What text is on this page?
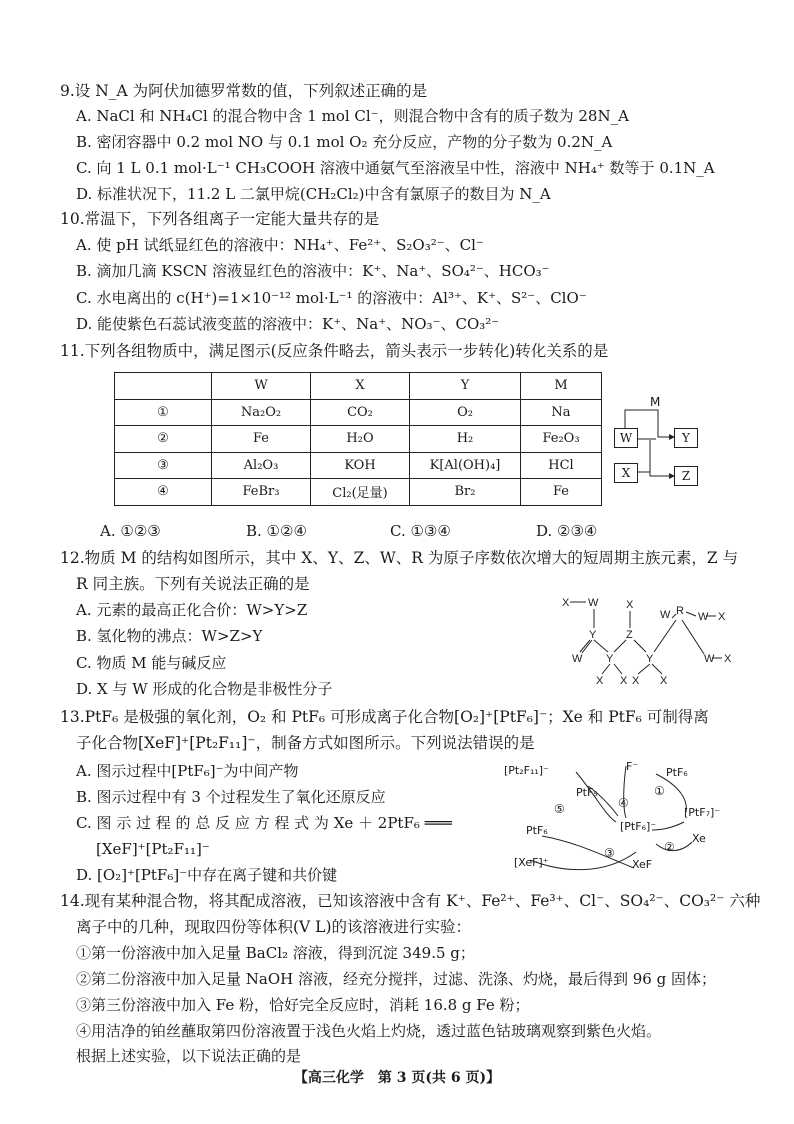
9.设 N_A 为阿伏加德罗常数的值，下列叙述正确的是
A. NaCl 和 NH₄Cl 的混合物中含 1 mol Cl⁻，则混合物中含有的质子数为 28N_A
B. 密闭容器中 0.2 mol NO 与 0.1 mol O₂ 充分反应，产物的分子数为 0.2N_A
C. 向 1 L 0.1 mol·L⁻¹ CH₃COOH 溶液中通氨气至溶液呈中性，溶液中 NH₄⁺ 数等于 0.1N_A
D. 标准状况下，11.2 L 二氯甲烷(CH₂Cl₂)中含有氯原子的数目为 N_A
10.常温下，下列各组离子一定能大量共存的是
A. 使 pH 试纸显红色的溶液中：NH₄⁺、Fe²⁺、S₂O₃²⁻、Cl⁻
B. 滴加几滴 KSCN 溶液显红色的溶液中：K⁺、Na⁺、SO₄²⁻、HCO₃⁻
C. 水电离出的 c(H⁺)=1×10⁻¹² mol·L⁻¹ 的溶液中：Al³⁺、K⁺、S²⁻、ClO⁻
D. 能使紫色石蕊试液变蓝的溶液中：K⁺、Na⁺、NO₃⁻、CO₃²⁻
11.下列各组物质中，满足图示(反应条件略去，箭头表示一步转化)转化关系的是
	W	X	Y	M
①	Na₂O₂	CO₂	O₂	Na
②	Fe	H₂O	H₂	Fe₂O₃
③	Al₂O₃	KOH	K[Al(OH)₄]	HCl
④	FeBr₃	Cl₂(足量)	Br₂	Fe
M
W	Y
X	Z
A. ①②③	B. ①②④	C. ①③④	D. ②③④
12.物质 M 的结构如图所示，其中 X、Y、Z、W、R 为原子序数依次增大的短周期主族元素，Z 与
R 同主族。下列有关说法正确的是
A. 元素的最高正化合价：W>Y>Z
B. 氢化物的沸点：W>Z>Y
C. 物质 M 能与碱反应
D. X 与 W 形成的化合物是非极性分子
X W	X
W R W X
Y	Z
W Y	Y	W X
X X X X
13.PtF₆ 是极强的氧化剂，O₂ 和 PtF₆ 可形成离子化合物[O₂]⁺[PtF₆]⁻；Xe 和 PtF₆ 可制得离
子化合物[XeF]⁺[Pt₂F₁₁]⁻，制备方式如图所示。下列说法错误的是
A. 图示过程中[PtF₆]⁻为中间产物
B. 图示过程中有 3 个过程发生了氧化还原反应
C. 图 示 过 程 的 总 反 应 方 程 式 为 Xe ＋ 2PtF₆ ═══
[XeF]⁺[Pt₂F₁₁]⁻
D. [O₂]⁺[PtF₆]⁻中存在离子键和共价键
[Pt₂F₁₁]⁻	F⁻	PtF₆
PtF₅
[PtF₇]⁻
[PtF₆]⁻
PtF₆
Xe
XeF
[XeF]⁺
①
②
③
④
⑤
14.现有某种混合物，将其配成溶液，已知该溶液中含有 K⁺、Fe²⁺、Fe³⁺、Cl⁻、SO₄²⁻、CO₃²⁻ 六种
离子中的几种，现取四份等体积(V L)的该溶液进行实验：
①第一份溶液中加入足量 BaCl₂ 溶液，得到沉淀 349.5 g；
②第二份溶液中加入足量 NaOH 溶液，经充分搅拌，过滤、洗涤、灼烧，最后得到 96 g 固体；
③第三份溶液中加入 Fe 粉，恰好完全反应时，消耗 16.8 g Fe 粉；
④用洁净的铂丝蘸取第四份溶液置于浅色火焰上灼烧，透过蓝色钴玻璃观察到紫色火焰。
根据上述实验，以下说法正确的是
【高三化学　第 3 页(共 6 页)】
